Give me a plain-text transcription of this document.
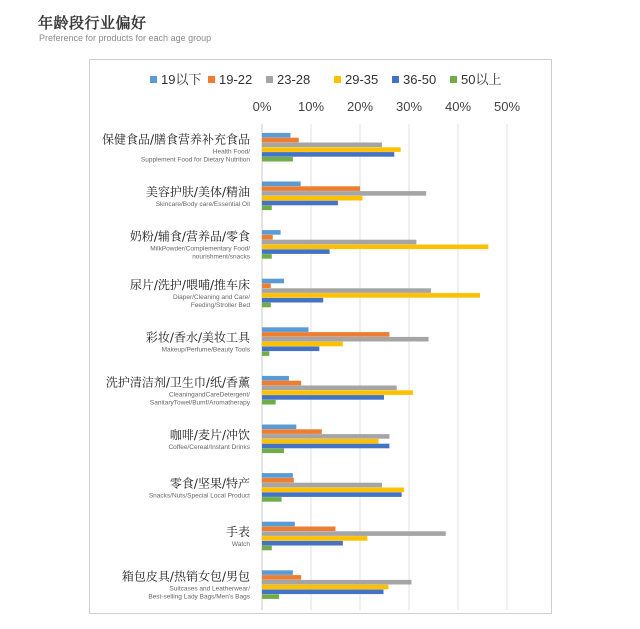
年龄段行业偏好
Preference for products for each age group
0% 10% 20% 30% 40% 50%
19以下 19-22 23-28	29-35 36-50 50以上
保健食品/膳食营养补充食品
Health Food/
Supplement Food for Dietary Nutrition
美容护肤/美体/精油
Skincare/Body care/Essential Oil
奶粉/辅食/营养品/零食
MilkPowder/Complementary Food/
nourishment/snacks
尿片/洗护/喂哺/推车床
Diaper/Cleaning and Care/
Feeding/Stroller Bed
彩妆/香水/美妆工具
Makeup/Perfume/Beauty Tools
洗护清洁剂/卫生巾/纸/香薰
CleaningandCareDetergent/
SanitaryTowel/Bumf/Aromatherapy
咖啡/麦片/冲饮
Coffee/Cereal/Instant Drinks
零食/坚果/特产
Snacks/Nuts/Special Local Product
手表
Watch
箱包皮具/热销女包/男包
Suitcases and Leatherwear/
Best-selling Lady Bags/Men's Bags
